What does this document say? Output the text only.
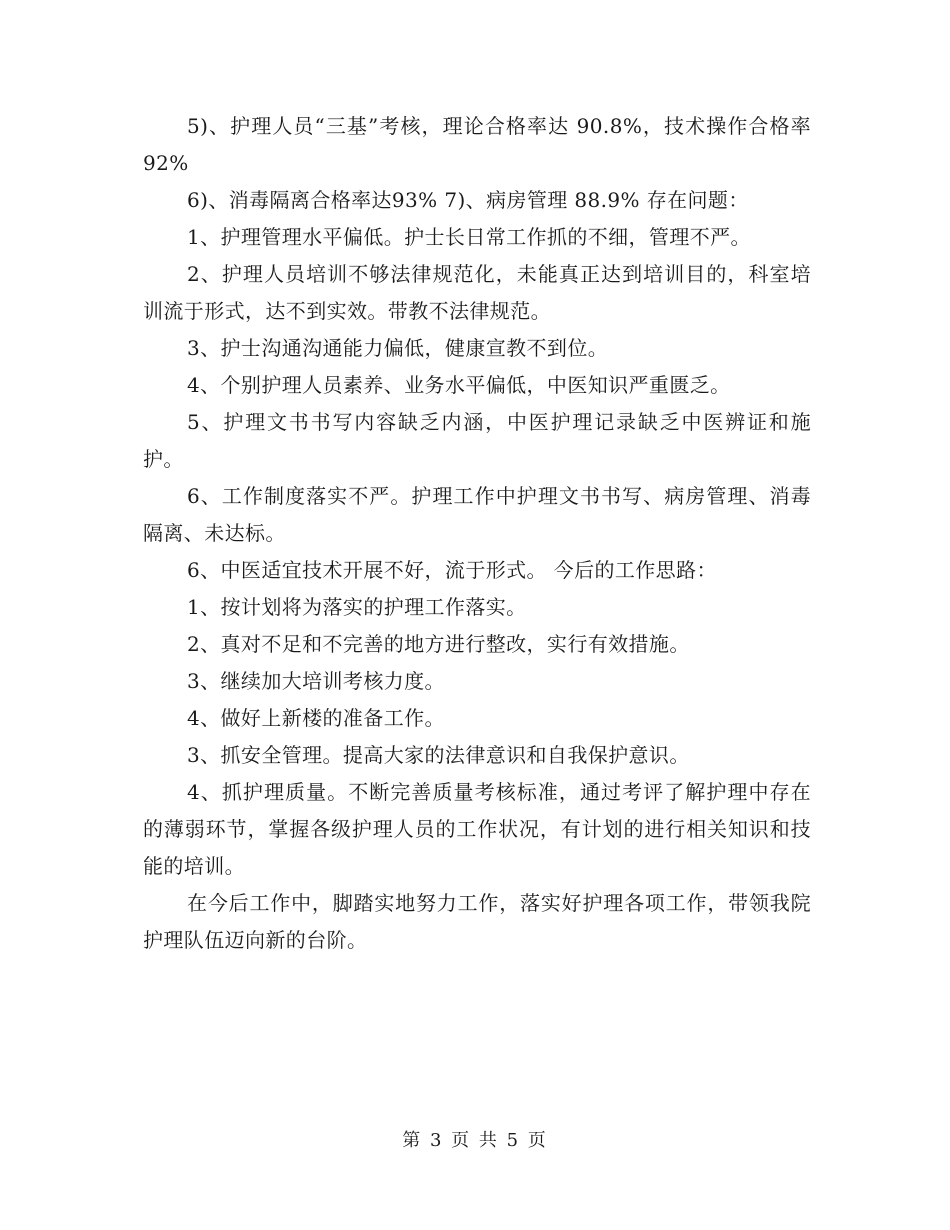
5)、护理人员“三基”考核，理论合格率达 90.8%，技术操作合格率 92%

6)、消毒隔离合格率达93% 7)、病房管理 88.9% 存在问题：

1、护理管理水平偏低。护士长日常工作抓的不细，管理不严。

2、护理人员培训不够法律规范化，未能真正达到培训目的，科室培训流于形式，达不到实效。带教不法律规范。

3、护士沟通沟通能力偏低，健康宣教不到位。

4、个别护理人员素养、业务水平偏低，中医知识严重匮乏。

5、护理文书书写内容缺乏内涵，中医护理记录缺乏中医辨证和施护。

6、工作制度落实不严。护理工作中护理文书书写、病房管理、消毒隔离、未达标。

6、中医适宜技术开展不好，流于形式。 今后的工作思路：

1、按计划将为落实的护理工作落实。

2、真对不足和不完善的地方进行整改，实行有效措施。

3、继续加大培训考核力度。

4、做好上新楼的准备工作。

3、抓安全管理。提高大家的法律意识和自我保护意识。

4、抓护理质量。不断完善质量考核标准，通过考评了解护理中存在的薄弱环节，掌握各级护理人员的工作状况，有计划的进行相关知识和技能的培训。

在今后工作中，脚踏实地努力工作，落实好护理各项工作，带领我院护理队伍迈向新的台阶。

第 3 页 共 5 页
